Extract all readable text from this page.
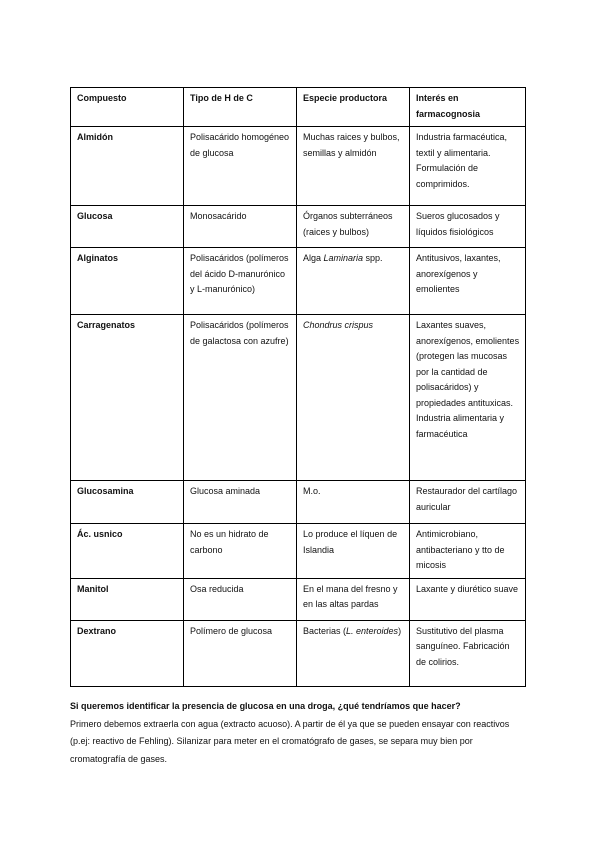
Compuesto	Tipo de H de C	Especie productora	Interés en farmacognosia
Almidón	Polisacárido homogéneo de glucosa	Muchas raices y bulbos, semillas y almidón	Industria farmacéutica, textil y alimentaria. Formulación de comprimidos.
Glucosa	Monosacárido	Órganos subterráneos (raices y bulbos)	Sueros glucosados y líquidos fisiológicos
Alginatos	Polisacáridos (polímeros del ácido D-manurónico y L-manurónico)	Alga Laminaria spp.	Antitusivos, laxantes, anorexígenos y emolientes
Carragenatos	Polisacáridos (polímeros de galactosa con azufre)	Chondrus crispus	Laxantes suaves, anorexígenos, emolientes (protegen las mucosas por la cantidad de polisacáridos) y propiedades antituxicas. Industria alimentaria y farmacéutica
Glucosamina	Glucosa aminada	M.o.	Restaurador del cartílago auricular
Ác. usnico	No es un hidrato de carbono	Lo produce el líquen de Islandia	Antimicrobiano, antibacteriano y tto de micosis
Manitol	Osa reducida	En el mana del fresno y en las altas pardas	Laxante y diurético suave
Dextrano	Polímero de glucosa	Bacterias (L. enteroides)	Sustitutivo del plasma sanguíneo. Fabricación de colirios.
Si queremos identificar la presencia de glucosa en una droga, ¿qué tendríamos que hacer?
Primero debemos extraerla con agua (extracto acuoso). A partir de él ya que se pueden ensayar con reactivos (p.ej: reactivo de Fehling). Silanizar para meter en el cromatógrafo de gases, se separa muy bien por cromatografía de gases.
